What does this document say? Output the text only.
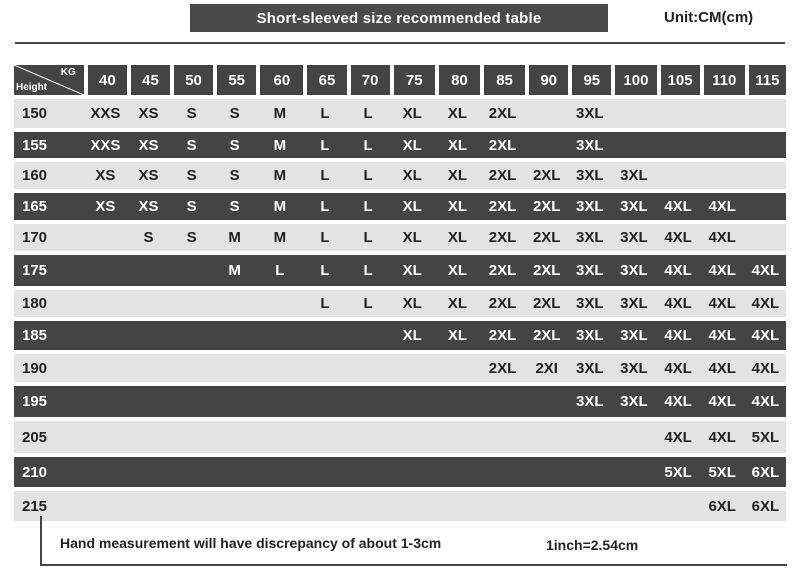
Short-sleeved size recommended table	Unit:CM(cm)
KG
Height	40	45	50	55	60	65	70	75	80	85	90	95	100	105	110	115

150	XXS	XS	S	S	M	L	L	XL	XL	2XL		3XL				

155	XXS	XS	S	S	M	L	L	XL	XL	2XL		3XL				

160	XS	XS	S	S	M	L	L	XL	XL	2XL	2XL	3XL	3XL			

165	XS	XS	S	S	M	L	L	XL	XL	2XL	2XL	3XL	3XL	4XL	4XL	

170		S	S	M	M	L	L	XL	XL	2XL	2XL	3XL	3XL	4XL	4XL	

175				M	L	L	L	XL	XL	2XL	2XL	3XL	3XL	4XL	4XL	4XL

180						L	L	XL	XL	2XL	2XL	3XL	3XL	4XL	4XL	4XL

185								XL	XL	2XL	2XL	3XL	3XL	4XL	4XL	4XL

190										2XL	2XI	3XL	3XL	4XL	4XL	4XL

195												3XL	3XL	4XL	4XL	4XL

205														4XL	4XL	5XL

210														5XL	5XL	6XL

215															6XL	6XL
Hand measurement will have discrepancy of about 1-3cm	1inch=2.54cm
